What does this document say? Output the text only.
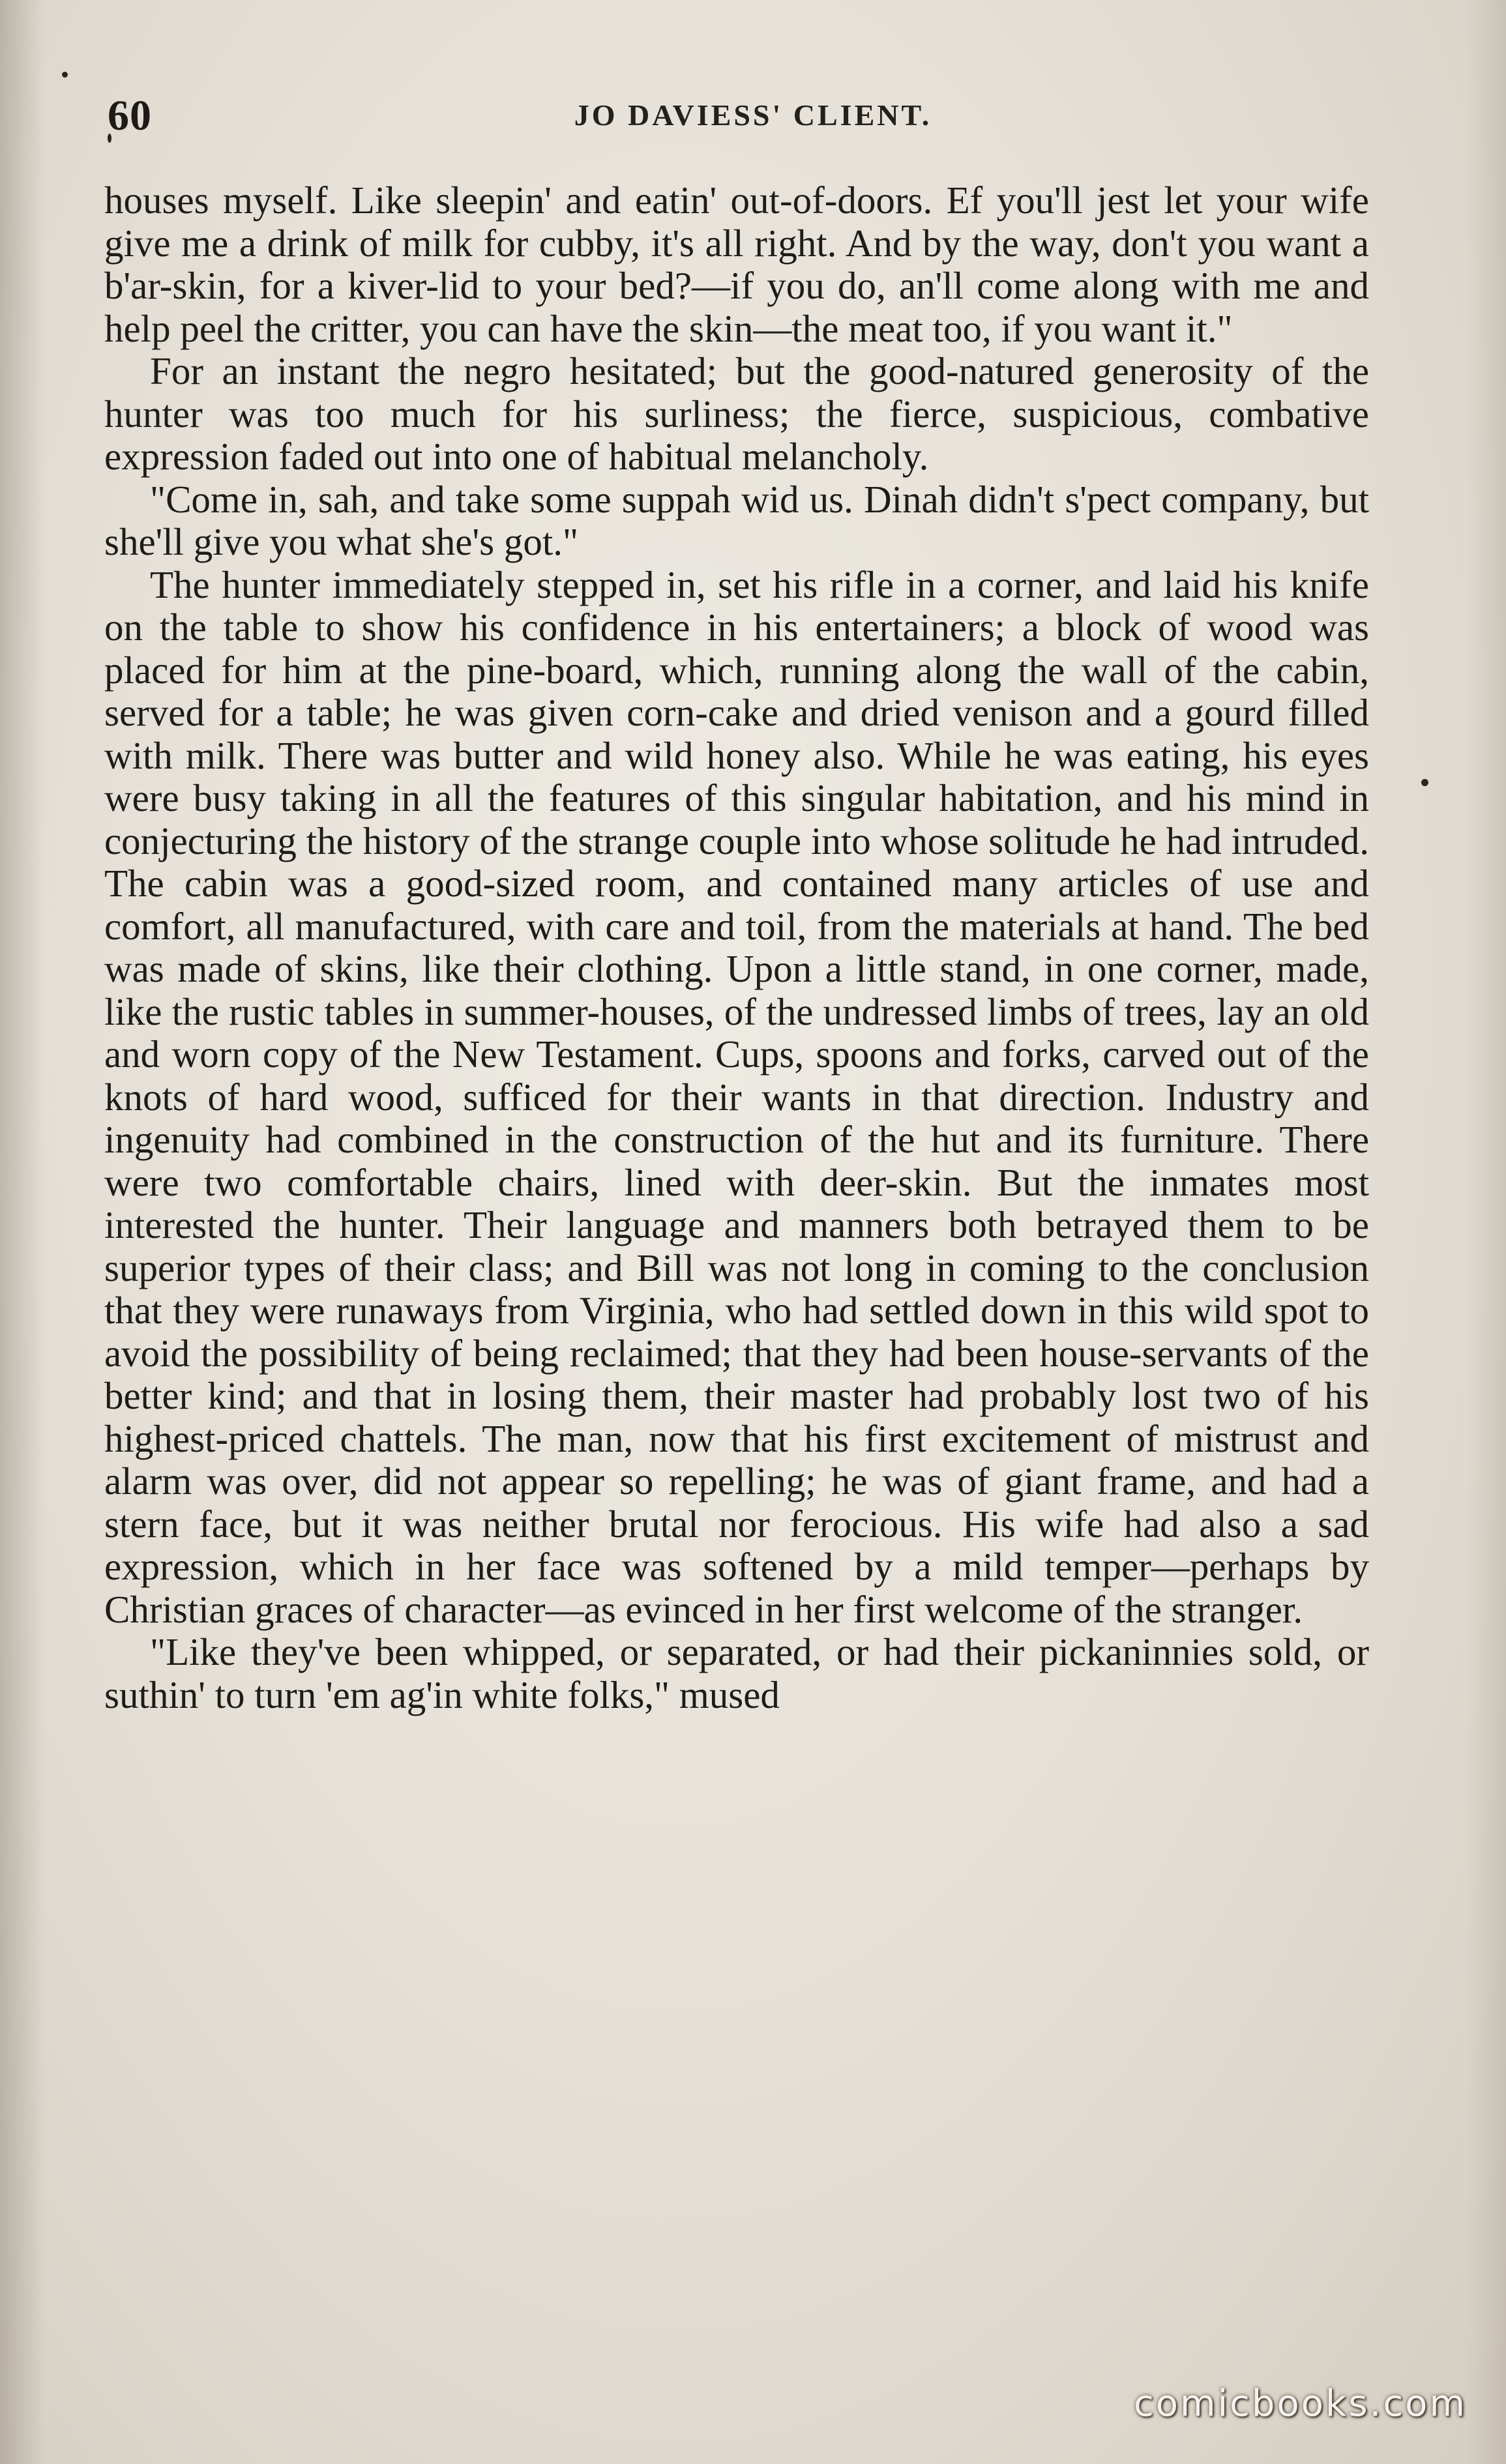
60	JO DAVIESS' CLIENT.

houses myself. Like sleepin' and eatin' out-of-doors. Ef you'll jest let your wife give me a drink of milk for cubby, it's all right. And by the way, don't you want a b'ar-skin, for a kiver-lid to your bed?—if you do, an'll come along with me and help peel the critter, you can have the skin—the meat too, if you want it."

For an instant the negro hesitated; but the good-natured generosity of the hunter was too much for his surliness; the fierce, suspicious, combative expression faded out into one of habitual melancholy.

"Come in, sah, and take some suppah wid us. Dinah didn't s'pect company, but she'll give you what she's got."

The hunter immediately stepped in, set his rifle in a corner, and laid his knife on the table to show his confidence in his entertainers; a block of wood was placed for him at the pine-board, which, running along the wall of the cabin, served for a table; he was given corn-cake and dried venison and a gourd filled with milk. There was butter and wild honey also. While he was eating, his eyes were busy taking in all the features of this singular habitation, and his mind in conjecturing the history of the strange couple into whose solitude he had intruded. The cabin was a good-sized room, and contained many articles of use and comfort, all manufactured, with care and toil, from the materials at hand. The bed was made of skins, like their clothing. Upon a little stand, in one corner, made, like the rustic tables in summer-houses, of the undressed limbs of trees, lay an old and worn copy of the New Testament. Cups, spoons and forks, carved out of the knots of hard wood, sufficed for their wants in that direction. Industry and ingenuity had combined in the construction of the hut and its furniture. There were two comfortable chairs, lined with deer-skin. But the inmates most interested the hunter. Their language and manners both betrayed them to be superior types of their class; and Bill was not long in coming to the conclusion that they were runaways from Virginia, who had settled down in this wild spot to avoid the possibility of being reclaimed; that they had been house-servants of the better kind; and that in losing them, their master had probably lost two of his highest-priced chattels. The man, now that his first excitement of mistrust and alarm was over, did not appear so repelling; he was of giant frame, and had a stern face, but it was neither brutal nor ferocious. His wife had also a sad expression, which in her face was softened by a mild temper—perhaps by Christian graces of character—as evinced in her first welcome of the stranger.

"Like they've been whipped, or separated, or had their pickaninnies sold, or suthin' to turn 'em ag'in white folks," mused

comicbooks.com
